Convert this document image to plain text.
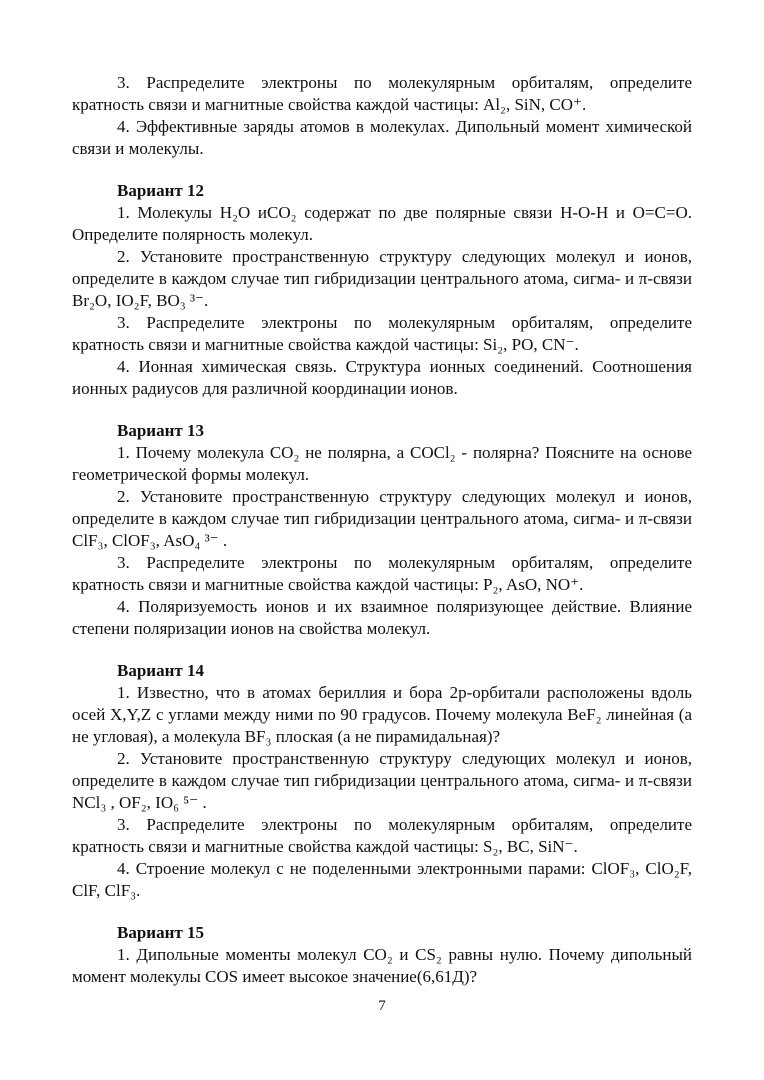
3. Распределите электроны по молекулярным орбиталям, определите кратность связи и магнитные свойства каждой частицы: Al₂, SiN, CO⁺.

4. Эффективные заряды атомов в молекулах. Дипольный момент химической связи и молекулы.

Вариант 12

1. Молекулы H₂O иCO₂ содержат по две полярные связи H-O-H и O=C=O. Определите полярность молекул.

2. Установите пространственную структуру следующих молекул и ионов, определите в каждом случае тип гибридизации центрального атома, сигма- и π-связи Br₂O, IO₂F, BO₃ ³⁻.

3. Распределите электроны по молекулярным орбиталям, определите кратность связи и магнитные свойства каждой частицы: Si₂, PO, CN⁻.

4. Ионная химическая связь. Структура ионных соединений. Соотношения ионных радиусов для различной координации ионов.

Вариант 13

1. Почему молекула CO₂ не полярна, а COCl₂ - полярна? Поясните на основе геометрической формы молекул.

2. Установите пространственную структуру следующих молекул и ионов, определите в каждом случае тип гибридизации центрального атома, сигма- и π-связи ClF₃, ClOF₃, AsO₄ ³⁻ .

3. Распределите электроны по молекулярным орбиталям, определите кратность связи и магнитные свойства каждой частицы: P₂, AsO, NO⁺.

4. Поляризуемость ионов и их взаимное поляризующее действие. Влияние степени поляризации ионов на свойства молекул.

Вариант 14

1. Известно, что в атомах бериллия и бора 2p-орбитали расположены вдоль осей X,Y,Z с углами между ними по 90 градусов. Почему молекула BeF₂ линейная (а не угловая), а молекула BF₃ плоская (а не пирамидальная)?

2. Установите пространственную структуру следующих молекул и ионов, определите в каждом случае тип гибридизации центрального атома, сигма- и π-связи NCl₃ , OF₂, IO₆ ⁵⁻ .

3. Распределите электроны по молекулярным орбиталям, определите кратность связи и магнитные свойства каждой частицы: S₂, BC, SiN⁻.

4. Строение молекул с не поделенными электронными парами: ClOF₃, ClO₂F, ClF, ClF₃.

Вариант 15

1. Дипольные моменты молекул CO₂ и CS₂ равны нулю. Почему дипольный момент молекулы COS имеет высокое значение(6,61Д)?

7
